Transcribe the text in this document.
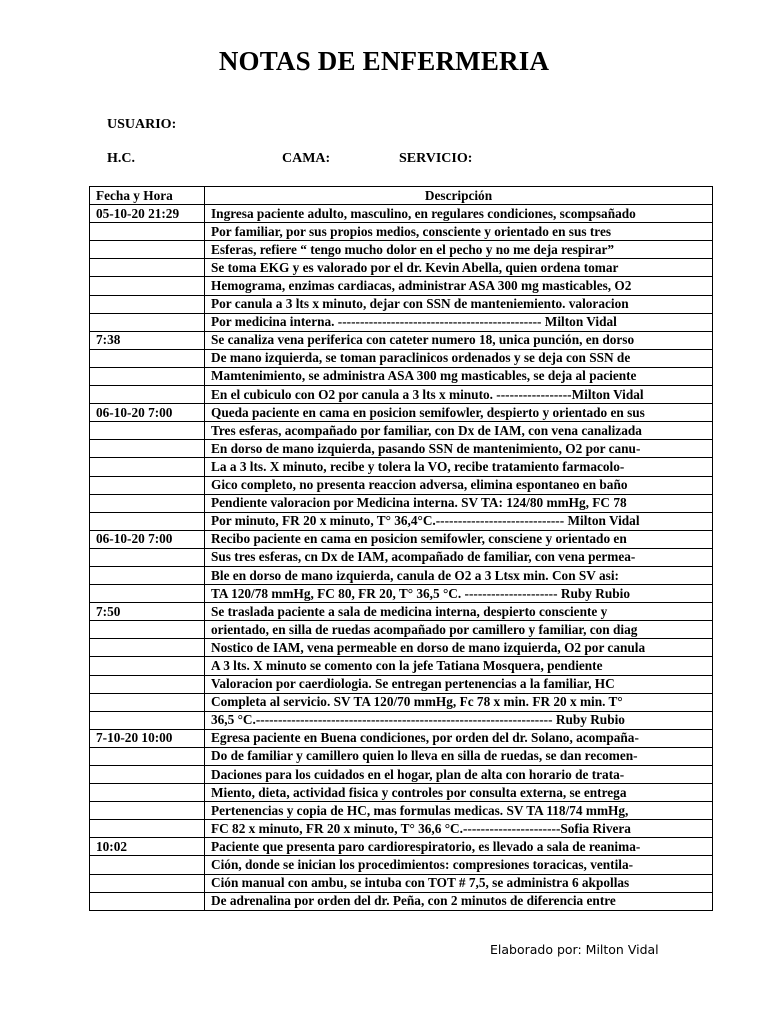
NOTAS DE ENFERMERIA
USUARIO:
H.C.	CAMA:	SERVICIO:
Fecha y Hora	Descripción
05-10-20 21:29	Ingresa paciente adulto, masculino, en regulares condiciones, scompsañado
	Por familiar, por sus propios medios, consciente y orientado en sus tres
	Esferas, refiere “ tengo mucho dolor en el pecho y no me deja respirar”
	Se toma EKG y es valorado por el dr. Kevin Abella, quien ordena tomar
	Hemograma, enzimas cardiacas, administrar ASA 300 mg masticables, O2
	Por canula a 3 lts x minuto, dejar con SSN de manteniemiento. valoracion
	Por medicina interna. ---------------------------------------------- Milton Vidal
7:38	Se canaliza vena periferica con cateter numero 18, unica punción, en dorso
	De mano izquierda, se toman paraclinicos ordenados y se deja con SSN de
	Mamtenimiento, se administra ASA 300 mg masticables, se deja al paciente
	En el cubiculo con O2 por canula a 3 lts x minuto. -----------------Milton Vidal
06-10-20 7:00	Queda paciente en cama en posicion semifowler, despierto y orientado en sus
	Tres esferas, acompañado por familiar, con Dx de IAM, con vena canalizada
	En dorso de mano izquierda, pasando SSN de mantenimiento, O2 por canu-
	La a 3 lts. X minuto, recibe y tolera la VO, recibe tratamiento farmacolo-
	Gico completo, no presenta reaccion adversa, elimina espontaneo en baño
	Pendiente valoracion por Medicina interna. SV TA: 124/80 mmHg, FC 78
	Por minuto, FR 20 x minuto, T° 36,4°C.----------------------------- Milton Vidal
06-10-20 7:00	Recibo paciente en cama en posicion semifowler, consciene y orientado en
	Sus tres esferas, cn Dx de IAM, acompañado de familiar, con vena permea-
	Ble en dorso de mano izquierda, canula de O2 a 3 Ltsx min. Con SV asi:
	TA 120/78 mmHg, FC 80, FR 20, T° 36,5 °C. --------------------- Ruby Rubio
7:50	Se traslada paciente a sala de medicina interna, despierto consciente y
	orientado, en silla de ruedas acompañado por camillero y familiar, con diag
	Nostico de IAM, vena permeable en dorso de mano izquierda, O2 por canula
	A 3 lts. X minuto se comento con la jefe Tatiana Mosquera, pendiente
	Valoracion por caerdiologia. Se entregan pertenencias a la familiar, HC
	Completa al servicio. SV TA 120/70 mmHg, Fc 78 x min. FR 20 x min. T°
	36,5 °C.------------------------------------------------------------------- Ruby Rubio
7-10-20 10:00	Egresa paciente en Buena condiciones, por orden del dr. Solano, acompaña-
	Do de familiar y camillero quien lo lleva en silla de ruedas, se dan recomen-
	Daciones para los cuidados en el hogar, plan de alta con horario de trata-
	Miento, dieta, actividad fisica y controles por consulta externa, se entrega
	Pertenencias y copia de HC, mas formulas medicas. SV TA 118/74 mmHg,
	FC 82 x minuto, FR 20 x minuto, T° 36,6 °C.----------------------Sofia Rivera
10:02	Paciente que presenta paro cardiorespiratorio, es llevado a sala de reanima-
	Ción, donde se inician los procedimientos: compresiones toracicas, ventila-
	Ción manual con ambu, se intuba con TOT # 7,5, se administra 6 akpollas
	De adrenalina por orden del dr. Peña, con 2 minutos de diferencia entre
Elaborado por: Milton Vidal
